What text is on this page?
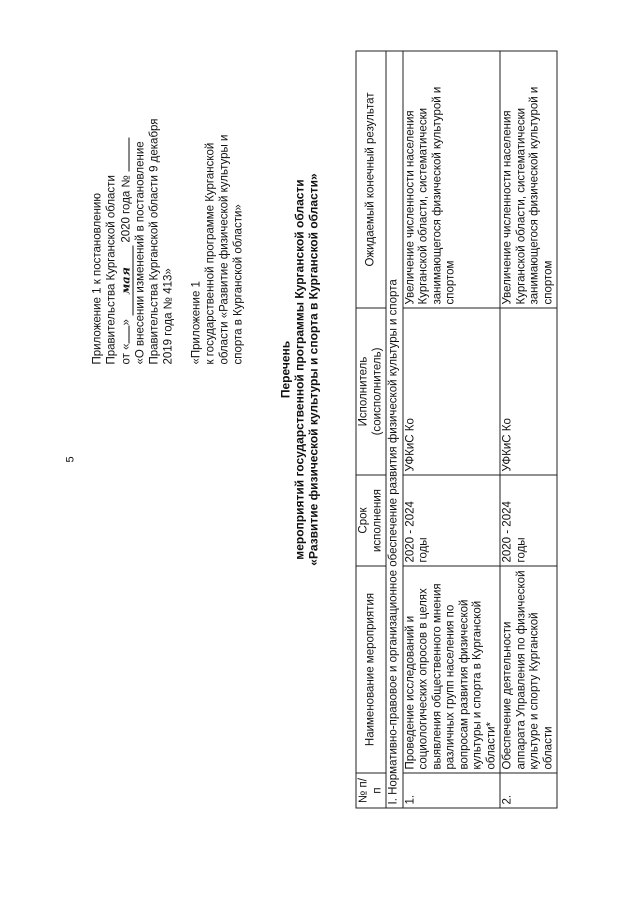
5
Приложение 1 к постановлению Правительства Курганской области от «» мая 2020 года № «О внесении изменений в постановление Правительства Курганской области 9 декабря 2019 года № 413» «Приложение 1 к государственной программе Курганской области «Развитие физической культуры и спорта в Курганской области»
Перечень мероприятий государственной программы Курганской области «Развитие физической культуры и спорта в Курганской области»
№ п/п	Наименование мероприятия	Срок исполнения	Исполнитель (соисполнитель)	Ожидаемый конечный результат
I. Нормативно-правовое и организационное обеспечение развития физической культуры и спорта				
1.	Проведение исследований и социологических опросов в целях выявления общественного мнения различных групп населения по вопросам развития физической культуры и спорта в Курганской области*	2020 - 2024 годы	УФКиС Ко	Увеличение численности населения Курганской области, систематически занимающегося физической культурой и спортом
2.	Обеспечение деятельности аппарата Управления по физической культуре и спорту Курганской области	2020 - 2024 годы	УФКиС Ко	Увеличение численности населения Курганской области, систематически занимающегося физической культурой и спортом
